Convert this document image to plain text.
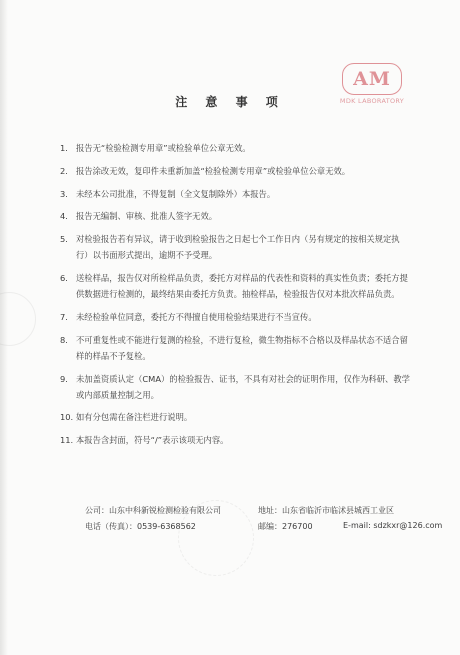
AM
MDK LABORATORY
注 意 事 项
1. 报告无“检验检测专用章”或检验单位公章无效。
2. 报告涂改无效，复印件未重新加盖“检验检测专用章”或检验单位公章无效。
3. 未经本公司批准，不得复制（全文复制除外）本报告。
4. 报告无编制、审核、批准人签字无效。
5. 对检验报告若有异议，请于收到检验报告之日起七个工作日内（另有规定的按相关规定执行）以书面形式提出，逾期不予受理。
6. 送检样品，报告仅对所检样品负责，委托方对样品的代表性和资料的真实性负责；委托方提供数据进行检测的，最终结果由委托方负责。抽检样品，检验报告仅对本批次样品负责。
7. 未经检验单位同意，委托方不得擅自使用检验结果进行不当宣传。
8. 不可重复性或不能进行复测的检验，不进行复检，微生物指标不合格以及样品状态不适合留样的样品不予复检。
9. 未加盖资质认定（CMA）的检验报告、证书，不具有对社会的证明作用，仅作为科研、教学或内部质量控制之用。
10. 如有分包需在备注栏进行说明。
11. 本报告含封面，符号“/”表示该项无内容。
公司：山东中科新锐检测检验有限公司	地址：山东省临沂市临沭县城西工业区
电话（传真）：0539-6368562	邮编：276700	E-mail: sdzkxr@126.com
